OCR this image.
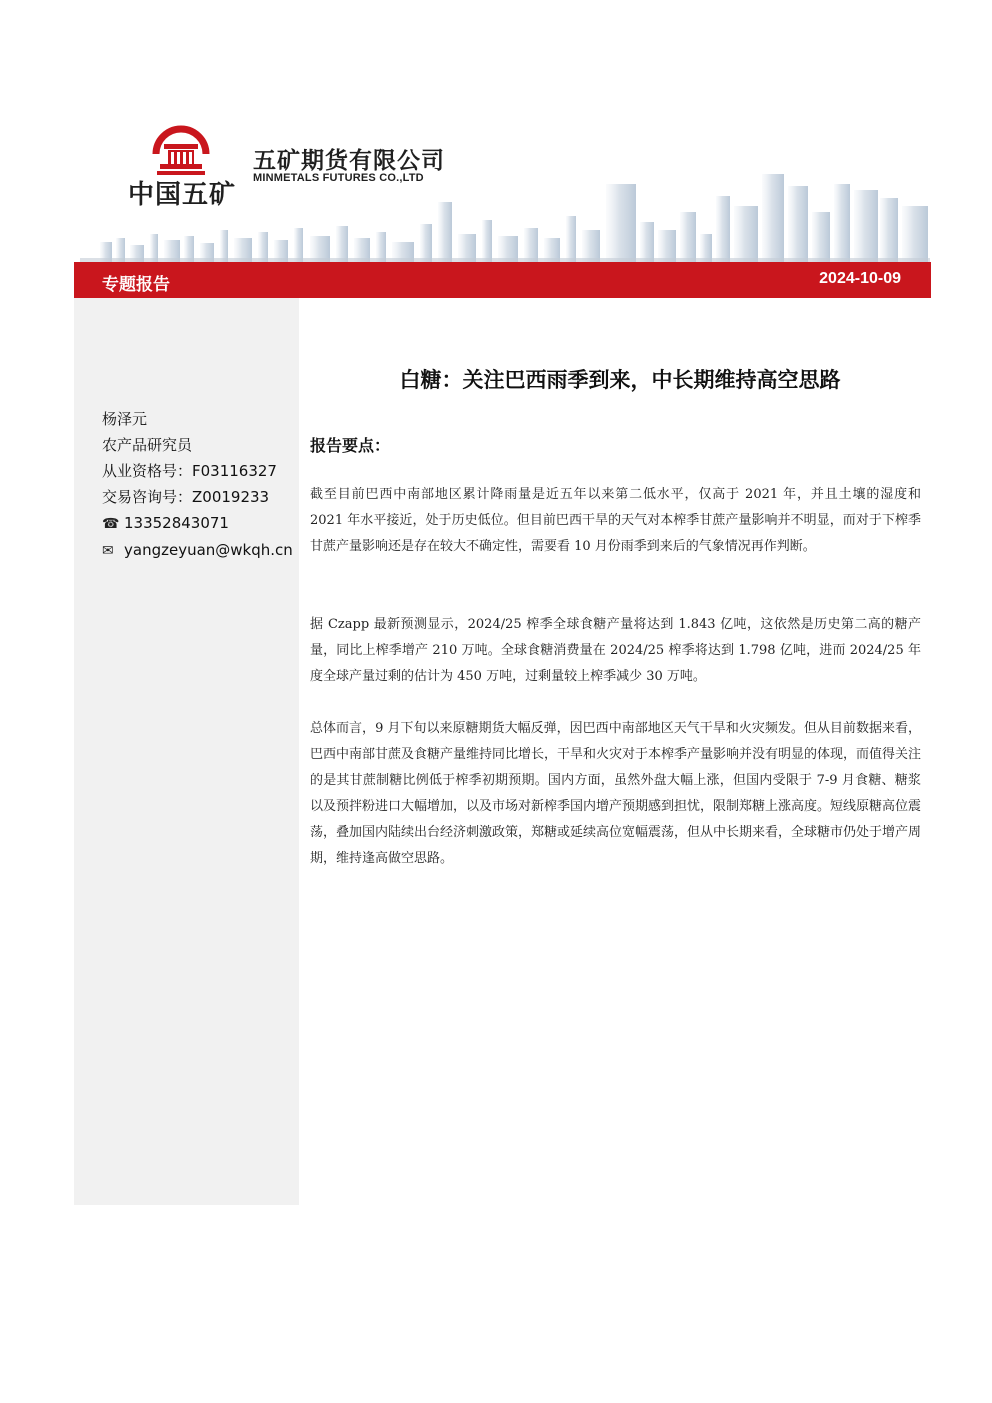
中国五矿
五矿期货有限公司
MINMETALS FUTURES CO.,LTD
专题报告	2024-10-09
杨泽元
农产品研究员
从业资格号：F03116327
交易咨询号：Z0019233
☎ 13352843071
✉ yangzeyuan@wkqh.cn
白糖：关注巴西雨季到来，中长期维持高空思路
报告要点：

截至目前巴西中南部地区累计降雨量是近五年以来第二低水平，仅高于 2021 年，并且土壤的湿度和 2021 年水平接近，处于历史低位。但目前巴西干旱的天气对本榨季甘蔗产量影响并不明显，而对于下榨季甘蔗产量影响还是存在较大不确定性，需要看 10 月份雨季到来后的气象情况再作判断。

据 Czapp 最新预测显示，2024/25 榨季全球食糖产量将达到 1.843 亿吨，这依然是历史第二高的糖产量，同比上榨季增产 210 万吨。全球食糖消费量在 2024/25 榨季将达到 1.798 亿吨，进而 2024/25 年度全球产量过剩的估计为 450 万吨，过剩量较上榨季减少 30 万吨。

总体而言，9 月下旬以来原糖期货大幅反弹，因巴西中南部地区天气干旱和火灾频发。但从目前数据来看，巴西中南部甘蔗及食糖产量维持同比增长，干旱和火灾对于本榨季产量影响并没有明显的体现，而值得关注的是其甘蔗制糖比例低于榨季初期预期。国内方面，虽然外盘大幅上涨，但国内受限于 7-9 月食糖、糖浆以及预拌粉进口大幅增加，以及市场对新榨季国内增产预期感到担忧，限制郑糖上涨高度。短线原糖高位震荡，叠加国内陆续出台经济刺激政策，郑糖或延续高位宽幅震荡，但从中长期来看，全球糖市仍处于增产周期，维持逢高做空思路。
